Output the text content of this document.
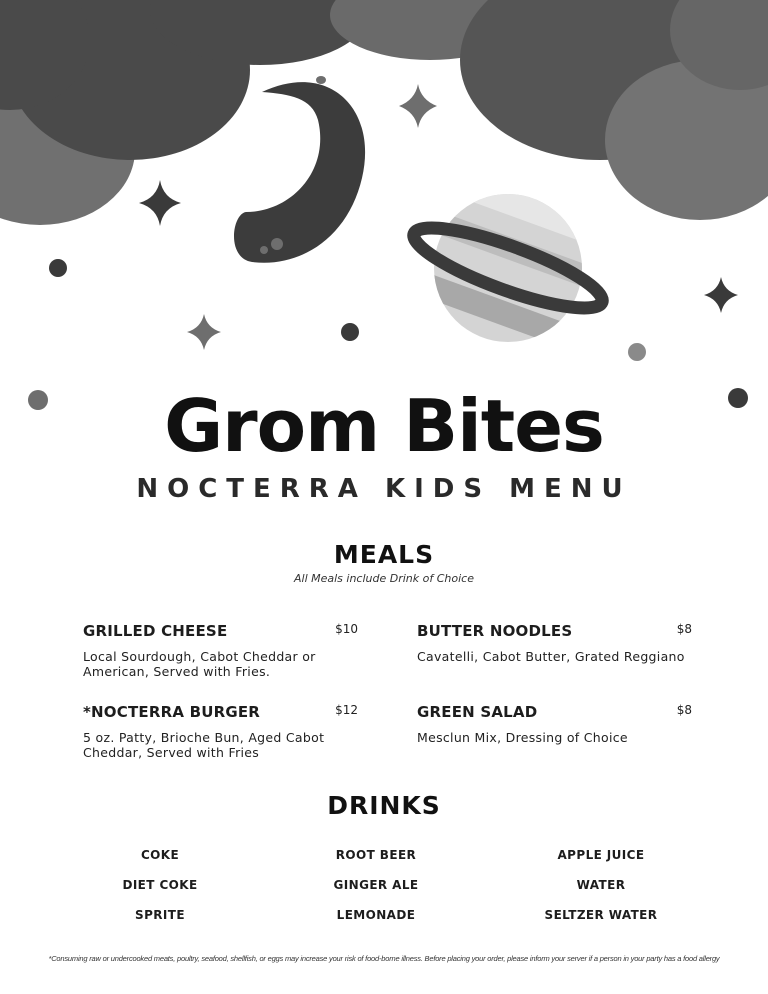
Grom Bites
NOCTERRA KIDS MENU
MEALS
All Meals include Drink of Choice
GRILLED CHEESE	$10
Local Sourdough, Cabot Cheddar or American, Served with Fries.
BUTTER NOODLES	$8
Cavatelli, Cabot Butter, Grated Reggiano
*NOCTERRA BURGER	$12
5 oz. Patty, Brioche Bun, Aged Cabot Cheddar, Served with Fries
GREEN SALAD	$8
Mesclun Mix, Dressing of Choice
DRINKS
COKE	ROOT BEER	APPLE JUICE
DIET COKE	GINGER ALE	WATER
SPRITE	LEMONADE	SELTZER WATER
*Consuming raw or undercooked meats, poultry, seafood, shellfish, or eggs may increase your risk of food-borne illness. Before placing your order, please inform your server if a person in your party has a food allergy
